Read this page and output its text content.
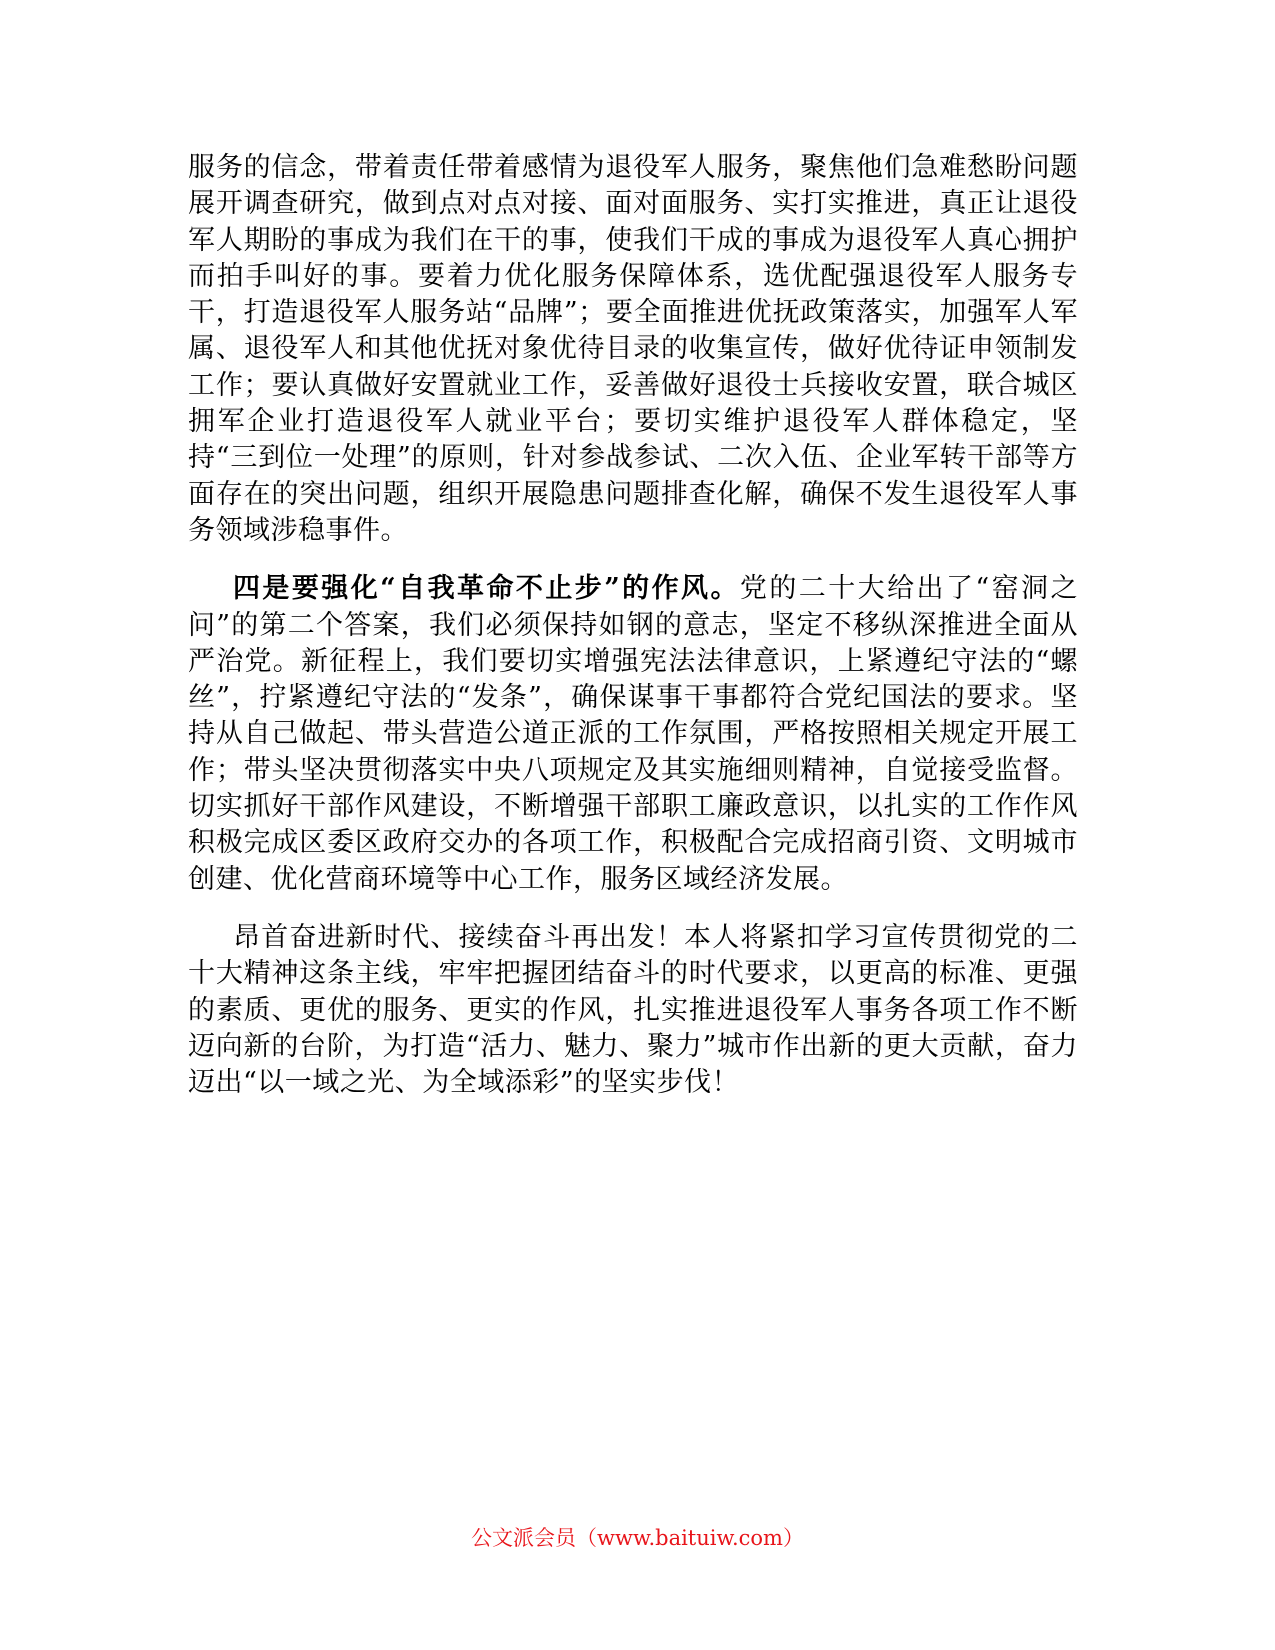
服务的信念，带着责任带着感情为退役军人服务，聚焦他们急难愁盼问题展开调查研究，做到点对点对接、面对面服务、实打实推进，真正让退役军人期盼的事成为我们在干的事，使我们干成的事成为退役军人真心拥护而拍手叫好的事。要着力优化服务保障体系，选优配强退役军人服务专干，打造退役军人服务站“品牌”；要全面推进优抚政策落实，加强军人军属、退役军人和其他优抚对象优待目录的收集宣传，做好优待证申领制发工作；要认真做好安置就业工作，妥善做好退役士兵接收安置，联合城区拥军企业打造退役军人就业平台；要切实维护退役军人群体稳定，坚持“三到位一处理”的原则，针对参战参试、二次入伍、企业军转干部等方面存在的突出问题，组织开展隐患问题排查化解，确保不发生退役军人事务领域涉稳事件。

四是要强化“自我革命不止步”的作风。党的二十大给出了“窑洞之问”的第二个答案，我们必须保持如钢的意志，坚定不移纵深推进全面从严治党。新征程上，我们要切实增强宪法法律意识，上紧遵纪守法的“螺丝”，拧紧遵纪守法的“发条”，确保谋事干事都符合党纪国法的要求。坚持从自己做起、带头营造公道正派的工作氛围，严格按照相关规定开展工作；带头坚决贯彻落实中央八项规定及其实施细则精神，自觉接受监督。切实抓好干部作风建设，不断增强干部职工廉政意识，以扎实的工作作风积极完成区委区政府交办的各项工作，积极配合完成招商引资、文明城市创建、优化营商环境等中心工作，服务区域经济发展。

昂首奋进新时代、接续奋斗再出发！本人将紧扣学习宣传贯彻党的二十大精神这条主线，牢牢把握团结奋斗的时代要求，以更高的标准、更强的素质、更优的服务、更实的作风，扎实推进退役军人事务各项工作不断迈向新的台阶，为打造“活力、魅力、聚力”城市作出新的更大贡献，奋力迈出“以一域之光、为全域添彩”的坚实步伐！

公文派会员（www.baituiw.com）
